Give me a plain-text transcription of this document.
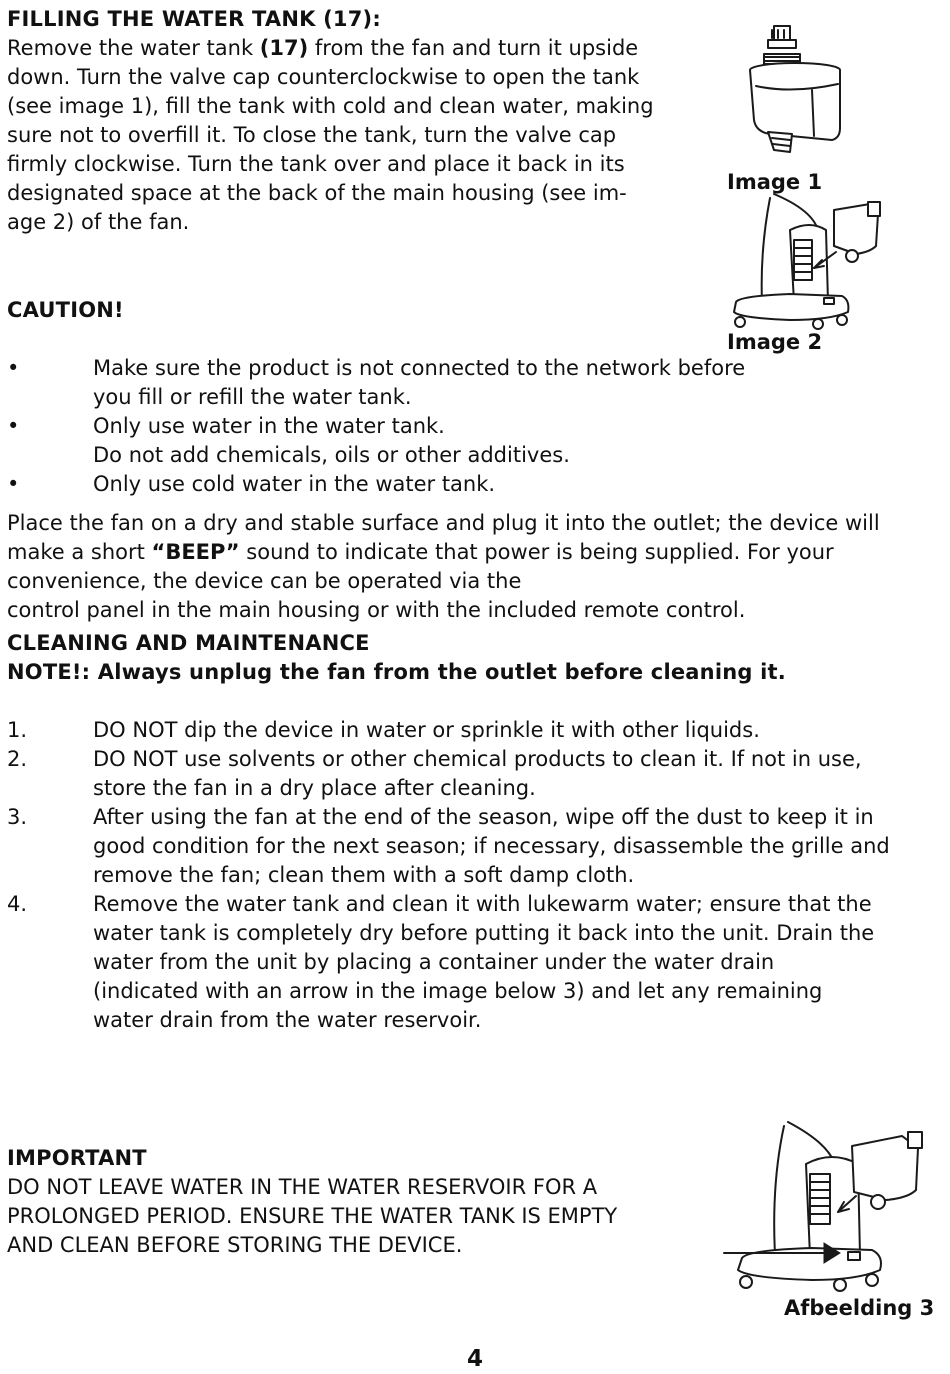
FILLING THE WATER TANK (17):
Remove the water tank (17) from the fan and turn it upside
down. Turn the valve cap counterclockwise to open the tank
(see image 1), fill the tank with cold and clean water, making
sure not to overfill it. To close the tank, turn the valve cap
firmly clockwise. Turn the tank over and place it back in its
designated space at the back of the main housing (see im-
age 2) of the fan.
Image 1
Image 2
CAUTION!
•	Make sure the product is not connected to the network before
you fill or refill the water tank.
•	Only use water in the water tank.
Do not add chemicals, oils or other additives.
•	Only use cold water in the water tank.
Place the fan on a dry and stable surface and plug it into the outlet; the device will
make a short “BEEP” sound to indicate that power is being supplied. For your
convenience, the device can be operated via the
control panel in the main housing or with the included remote control.
CLEANING AND MAINTENANCE
NOTE!: Always unplug the fan from the outlet before cleaning it.
1.	DO NOT dip the device in water or sprinkle it with other liquids.
2.	DO NOT use solvents or other chemical products to clean it. If not in use,
store the fan in a dry place after cleaning.
3.	After using the fan at the end of the season, wipe off the dust to keep it in
good condition for the next season; if necessary, disassemble the grille and
remove the fan; clean them with a soft damp cloth.
4.	Remove the water tank and clean it with lukewarm water; ensure that the
water tank is completely dry before putting it back into the unit. Drain the
water from the unit by placing a container under the water drain
(indicated with an arrow in the image below 3) and let any remaining
water drain from the water reservoir.
IMPORTANT
DO NOT LEAVE WATER IN THE WATER RESERVOIR FOR A
PROLONGED PERIOD. ENSURE THE WATER TANK IS EMPTY
AND CLEAN BEFORE STORING THE DEVICE.
Afbeelding 3
4
